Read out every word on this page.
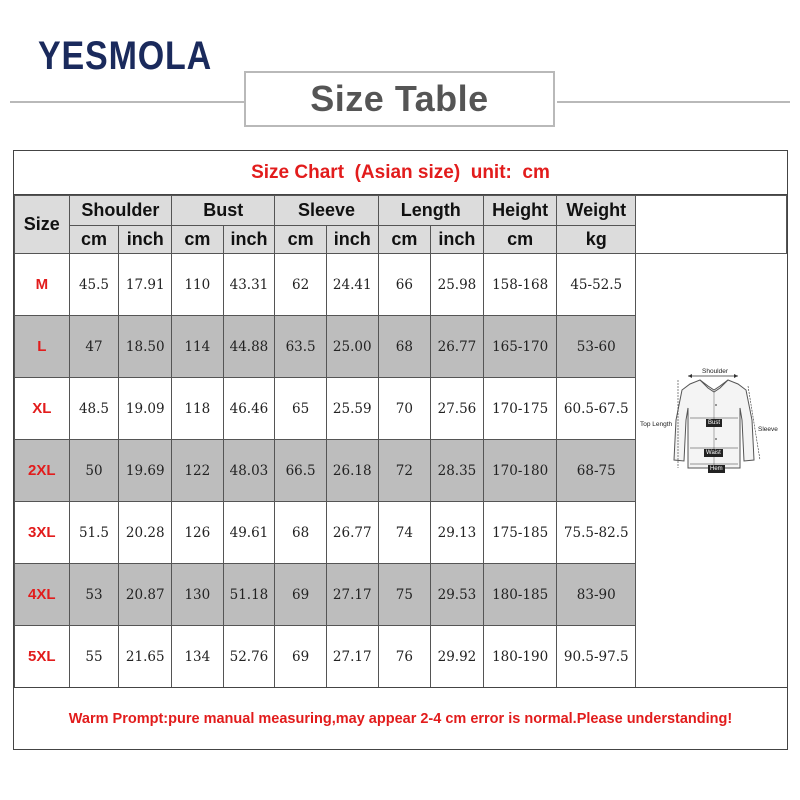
YESMOLA
Size Table
Size Chart  (Asian size)  unit:  cm
Size	Shoulder		Bust		Sleeve		Length		Height	Weight	
	cm	inch	cm	inch	cm	inch	cm	inch	cm	kg	
M	45.5	17.91	110	43.31	62	24.41	66	25.98	158-168	45-52.5	
L	47	18.50	114	44.88	63.5	25.00	68	26.77	165-170	53-60	
XL	48.5	19.09	118	46.46	65	25.59	70	27.56	170-175	60.5-67.5	
2XL	50	19.69	122	48.03	66.5	26.18	72	28.35	170-180	68-75	
3XL	51.5	20.28	126	49.61	68	26.77	74	29.13	175-185	75.5-82.5	
4XL	53	20.87	130	51.18	69	27.17	75	29.53	180-185	83-90	
5XL	55	21.65	134	52.76	69	27.17	76	29.92	180-190	90.5-97.5	
Warm Prompt:pure manual measuring,may appear 2-4 cm error is normal.Please understanding!
Shoulder
Top Length
Sleeve
Bust
Waist
Hem
